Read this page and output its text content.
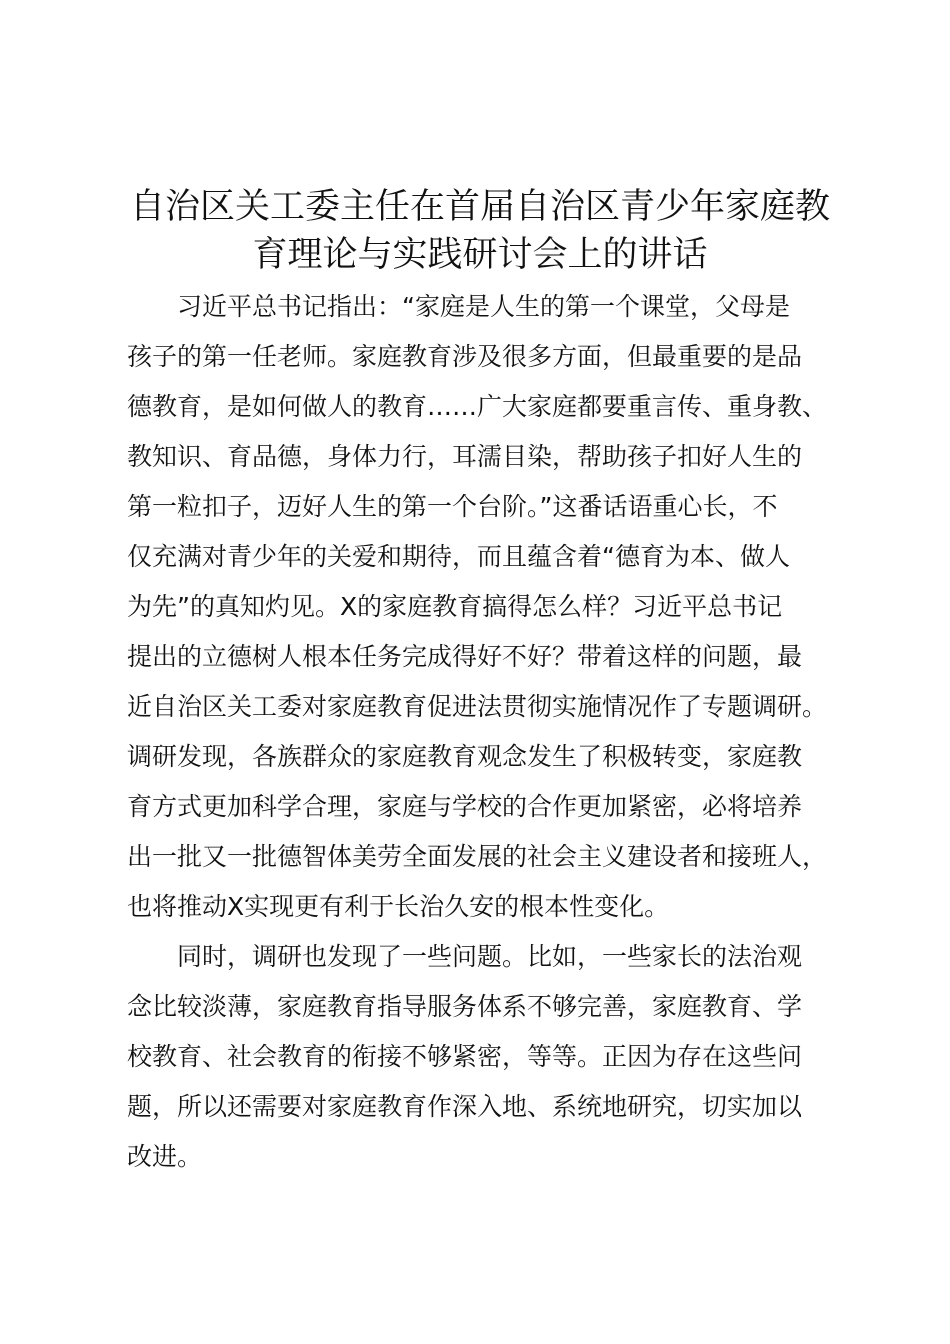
自治区关工委主任在首届自治区青少年家庭教
育理论与实践研讨会上的讲话

习近平总书记指出：“家庭是人生的第一个课堂，父母是
孩子的第一任老师。家庭教育涉及很多方面，但最重要的是品
德教育，是如何做人的教育……广大家庭都要重言传、重身教、
教知识、育品德，身体力行，耳濡目染，帮助孩子扣好人生的
第一粒扣子，迈好人生的第一个台阶。”这番话语重心长，不
仅充满对青少年的关爱和期待，而且蕴含着“德育为本、做人
为先”的真知灼见。X的家庭教育搞得怎么样？习近平总书记
提出的立德树人根本任务完成得好不好？带着这样的问题，最
近自治区关工委对家庭教育促进法贯彻实施情况作了专题调研。
调研发现，各族群众的家庭教育观念发生了积极转变，家庭教
育方式更加科学合理，家庭与学校的合作更加紧密，必将培养
出一批又一批德智体美劳全面发展的社会主义建设者和接班人，
也将推动X实现更有利于长治久安的根本性变化。

同时，调研也发现了一些问题。比如，一些家长的法治观
念比较淡薄，家庭教育指导服务体系不够完善，家庭教育、学
校教育、社会教育的衔接不够紧密，等等。正因为存在这些问
题，所以还需要对家庭教育作深入地、系统地研究，切实加以
改进。
